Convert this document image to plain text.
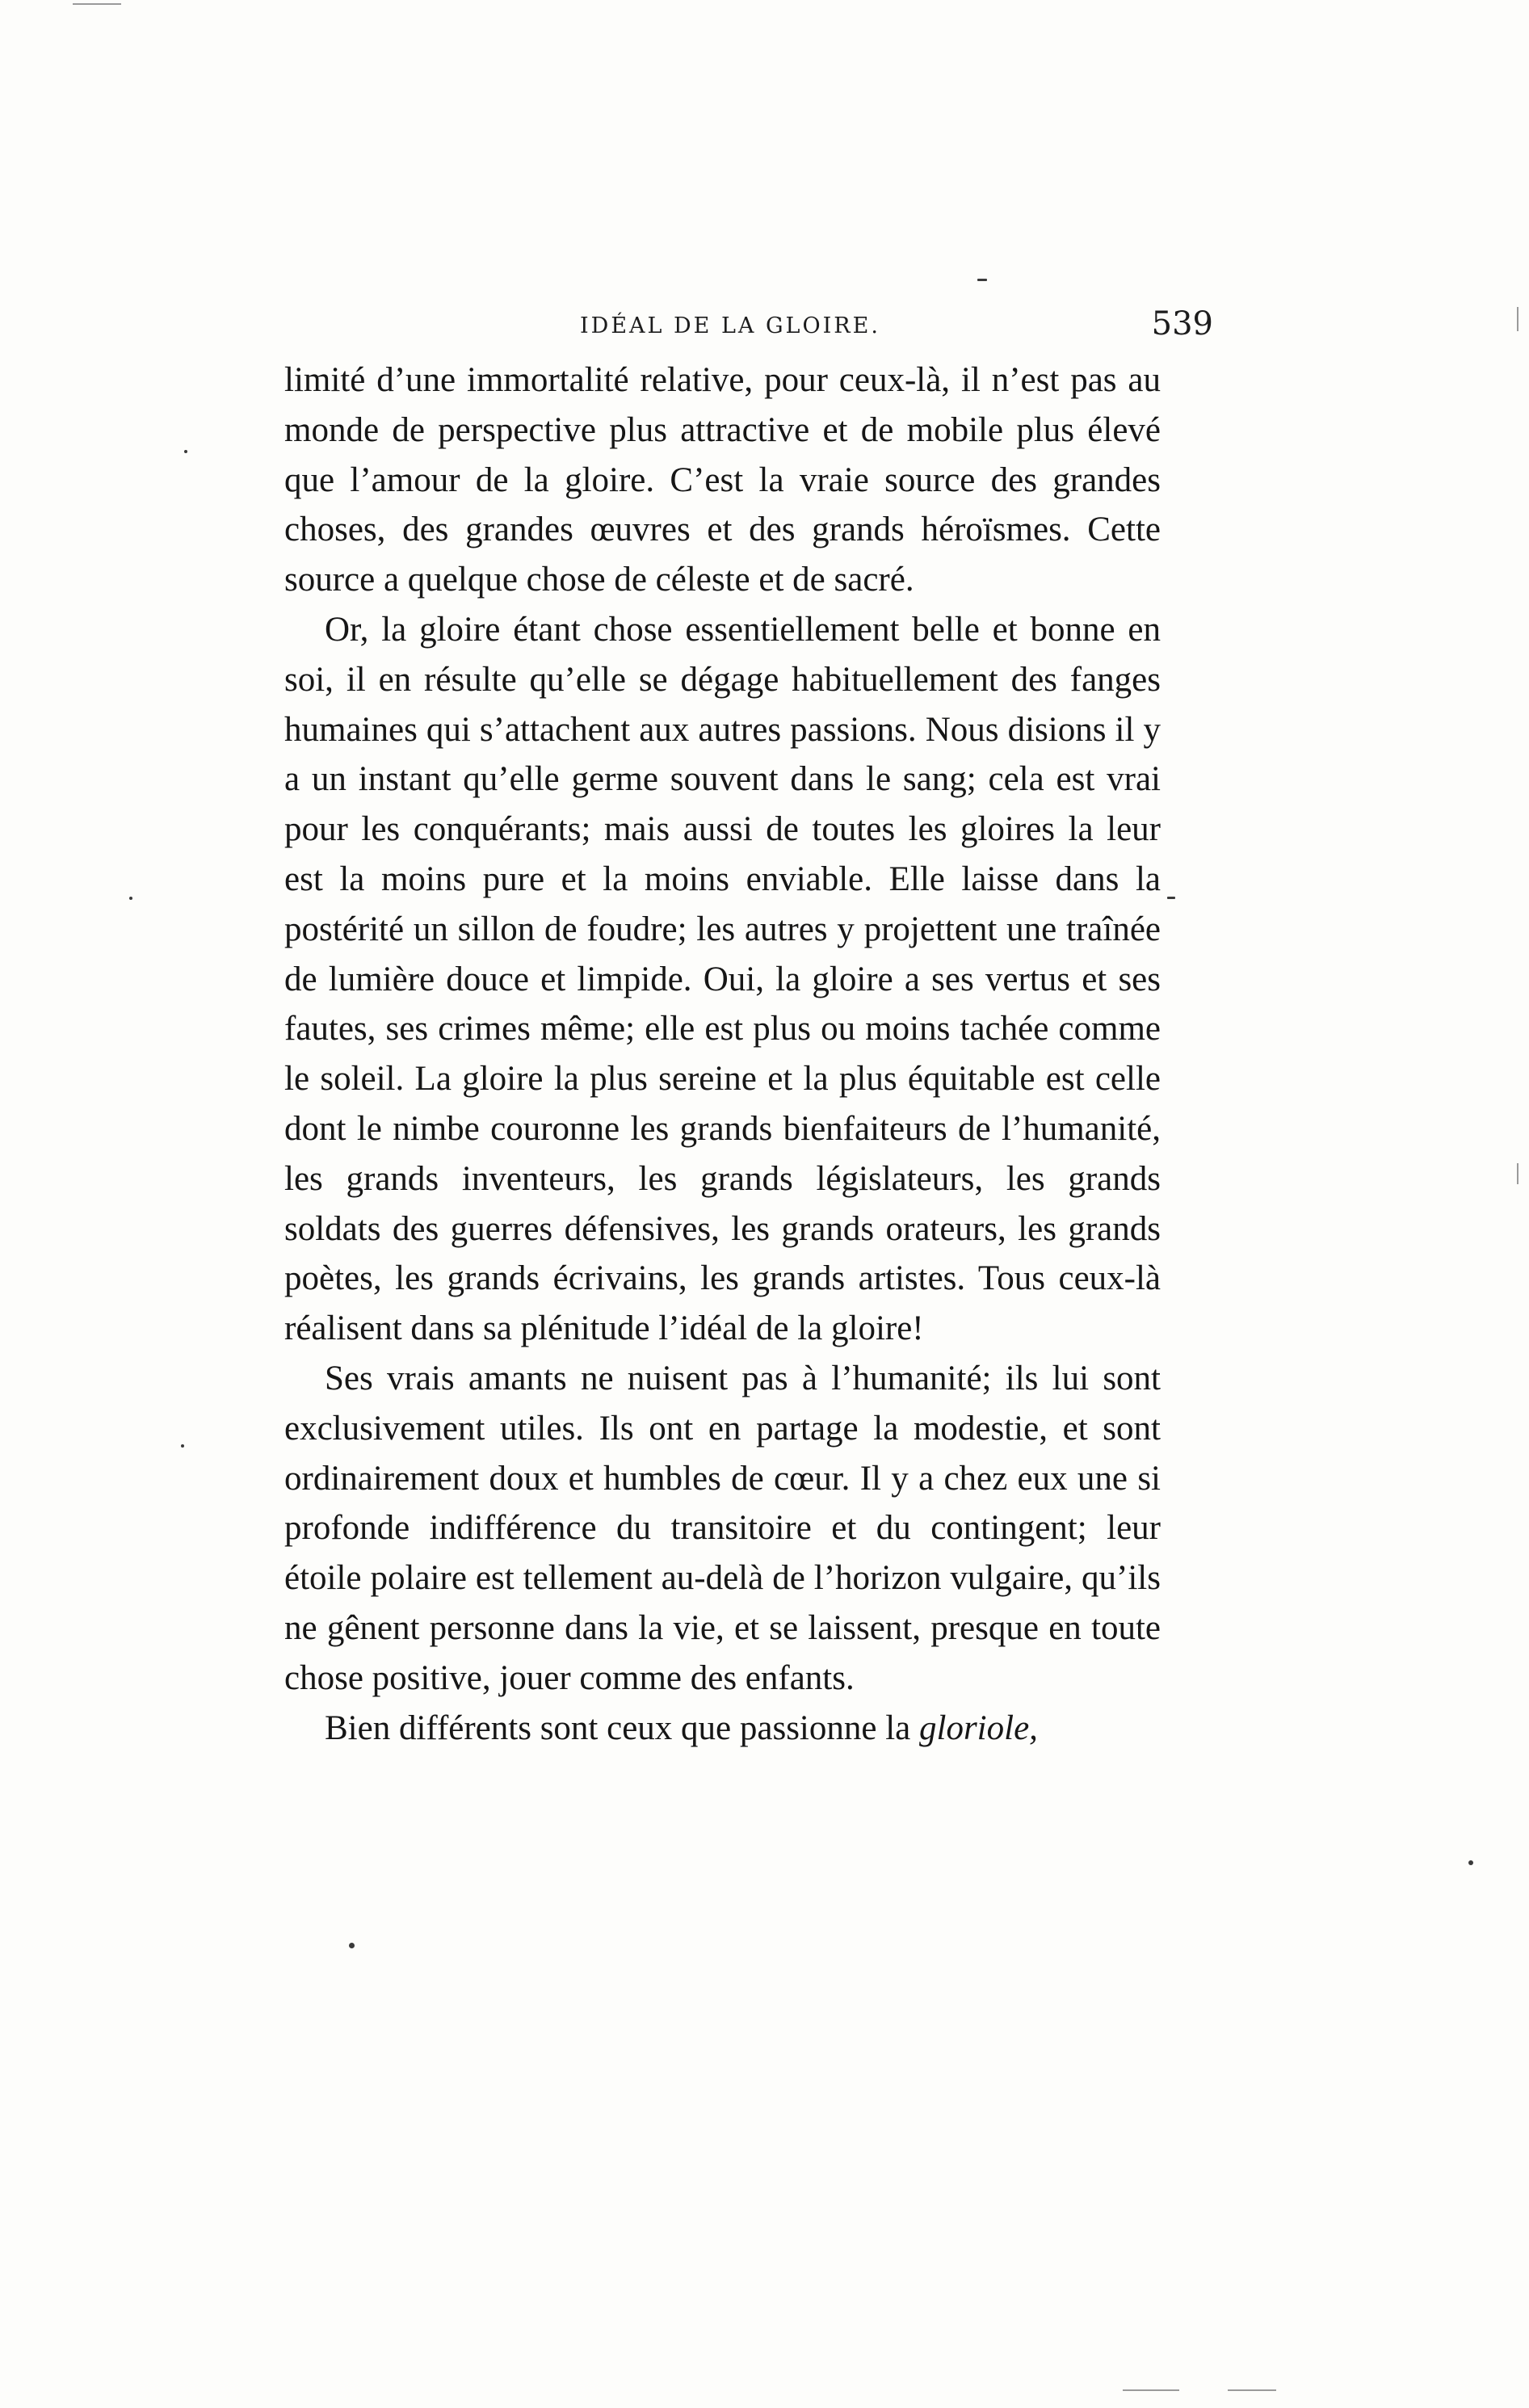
IDÉAL DE LA GLOIRE.	539

limité d’une immortalité relative, pour ceux-là, il n’est pas au monde de perspective plus attractive et de mobile plus élevé que l’amour de la gloire. C’est la vraie source des grandes choses, des grandes œuvres et des grands héroïsmes. Cette source a quelque chose de céleste et de sacré.

Or, la gloire étant chose essentiellement belle et bonne en soi, il en résulte qu’elle se dégage habituellement des fanges humaines qui s’attachent aux autres passions. Nous disions il y a un instant qu’elle germe souvent dans le sang; cela est vrai pour les conquérants; mais aussi de toutes les gloires la leur est la moins pure et la moins enviable. Elle laisse dans la postérité un sillon de foudre; les autres y projettent une traînée de lumière douce et limpide. Oui, la gloire a ses vertus et ses fautes, ses crimes même; elle est plus ou moins tachée comme le soleil. La gloire la plus sereine et la plus équitable est celle dont le nimbe couronne les grands bienfaiteurs de l’humanité, les grands inventeurs, les grands législateurs, les grands soldats des guerres défensives, les grands orateurs, les grands poètes, les grands écrivains, les grands artistes. Tous ceux-là réalisent dans sa plénitude l’idéal de la gloire!

Ses vrais amants ne nuisent pas à l’humanité; ils lui sont exclusivement utiles. Ils ont en partage la modestie, et sont ordinairement doux et humbles de cœur. Il y a chez eux une si profonde indifférence du transitoire et du contingent; leur étoile polaire est tellement au-delà de l’horizon vulgaire, qu’ils ne gênent personne dans la vie, et se laissent, presque en toute chose positive, jouer comme des enfants.

Bien différents sont ceux que passionne la gloriole,
